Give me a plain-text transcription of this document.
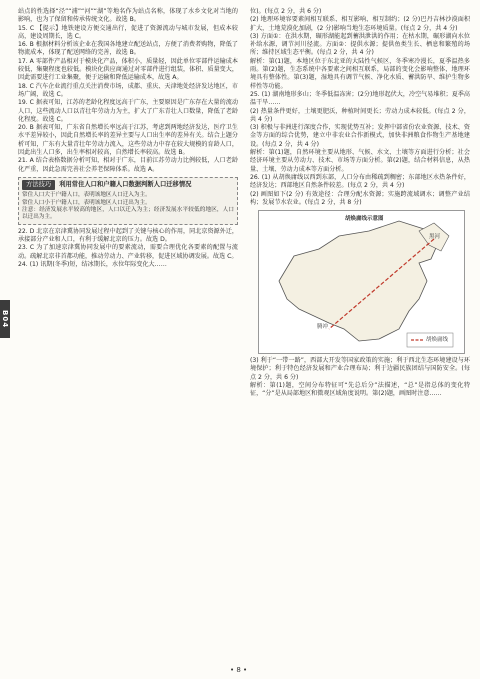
B04

站点的性选择“泾”“浦”“河”“湖”等地名作为站点名称，体现了水乡文化对当地的影响，也为了保留和传承传统文化。故选 B。

15. C 【提示】地铁建设方便交通出行，促进了资源流动与城市发展，但成本较高，建设周期长，选 C。

16. B 根据材料分析该企业在我国各地建立配送站点，方便了消费者购物，降低了物流成本，体现了配送网络的完善，故选 B。

17. A 零部件产品相对于模块化产品，体积小，质量轻，因此单位零部件运输成本较低，集聚程度也较低。模块化供应商通过对零部件进行组装，体积、质量变大，因此需要进行工业集聚，便于运输和降低运输成本，故选 A。

18. C 汽车企业流行重点关注消费市场，成都、重庆、天津地处经济发达地区，市场广阔，故选 C。

19. C 据表可知，江苏的老龄化程度远高于广东，主要原因是广东存在大量的流动人口，这些流动人口以青壮年劳动力为主，扩大了广东青壮人口数量，降低了老龄化程度。故选 C。

20. B 据表可知，广东省自然增长率远高于江苏，考虑到两地经济发达，医疗卫生水平差异较小，因此自然增长率的差异主要与人口出生率的差异有关。结合上题分析可知，广东有大量青壮年劳动力流入，这些劳动力中存在较大规模的育龄人口，因此出生人口多，出生率相对较高，自然增长率较高。故选 B。

21. A 结合表格数据分析可知，相对于广东，目前江苏劳动力比例较低，人口老龄化严重，因此急需完善社会养老保障体系。故选 A。

方法技巧	利用常住人口和户籍人口数据判断人口迁移情况
常住人口大于户籍人口，表明该地区人口迁入为主。
常住人口小于户籍人口，表明该地区人口迁出为主。
注意：经济发展水平较高的地区，人口以迁入为主；经济发展水平较低的地区，人口以迁出为主。

22. D 北京在京津冀协同发展过程中起到了关键与核心的作用，同北京资源外迁，承接部分产业和人口，有利于缓解北京的压力。故选 D。

23. C 为了加速京津冀协同发展中的要素流动，需要合理优化各要素的配置与流动。疏解北京非首都功能，推动劳动力、产业转移，促进区域协调发展。故选 C。

24. (1) 讯期(冬季)短，结冰期长，水位年际变化大……

位)。(每点 2 分，共 6 分)

(2) 地理环境容要素间相互联系、相互影响、相互制约；(2 分)巴丹吉林沙漠面积扩大，土地荒漠化加剧，(2 分)影响当地生态环境质量。(每点 2 分，共 4 分)

(3) 方面①：在洪水期，碾形湖能起到蓄洪泄洪的作用；在枯水期，碾形湖向水位补给水源，调节河川径流。方面②：提供水源；提供鱼类生长、栖息和繁殖的场所；维持区域生态平衡。(每点 2 分，共 4 分)

解析：第(1)题，本地区位于东北亚的大陆性气候区，冬季寒冷漫长，夏季温热多雨。第(2)题，生态系统中各要素之间相互联系，局部的变化会影响整体，地理环境具有整体性。第(3)题，湿地具有调节气候、净化水质、蓄洪防旱、维护生物多样性等功能。

25. (1) 湖南地形多山；冬季低温冻害；(2分)地形起伏大，冷空气易堆积；夏季高温干旱……

(2) 热量条件更好，土壤更肥沃，种植时间更长；劳动力成本较低。(每点 2 分，共 4 分)

(3) 积极与非洲进行深度合作，实现优势互补；发挥中部省份农业资源、技术、资金等方面的综合优势，建立中非农业合作新模式，加快非洲粮食作物生产基地建设。(每点 2 分，共 4 分)

解析：第(1)题，自然环境主要从地形、气候、水文、土壤等方面进行分析；社会经济环境主要从劳动力、技术、市场等方面分析。第(2)题，结合材料信息，从热量、土壤、劳动力成本等方面分析。

26. (1) 从胡焕庸线以西到东部，人口分布由稀疏到稠密；东部地区水热条件好，经济发达；西部地区自然条件较差。(每点 2 分，共 4 分)

(2) 画图如下(2 分) 有效途径：合理分配水资源；实施跨流域调水；调整产业结构；发展节水农业。(每点 2 分，共 8 分)

黑河
腾冲
胡焕庸线示意图
胡焕庸线

(3) 利于“一带一路”，西部大开发等国家政策的实施；利于西北生态环境建设与环境保护；利于特色经济发展和产业合理布局；利于边疆民族团结与国防安全。(每点 2 分，共 6 分)

解析：第(1)题，空间分布特征可“先总后分”法描述，“总”是指总体的变化特征，“分”是从局部地区和微观区域角度说明。第(2)题，画图时注意……

• 8 •
